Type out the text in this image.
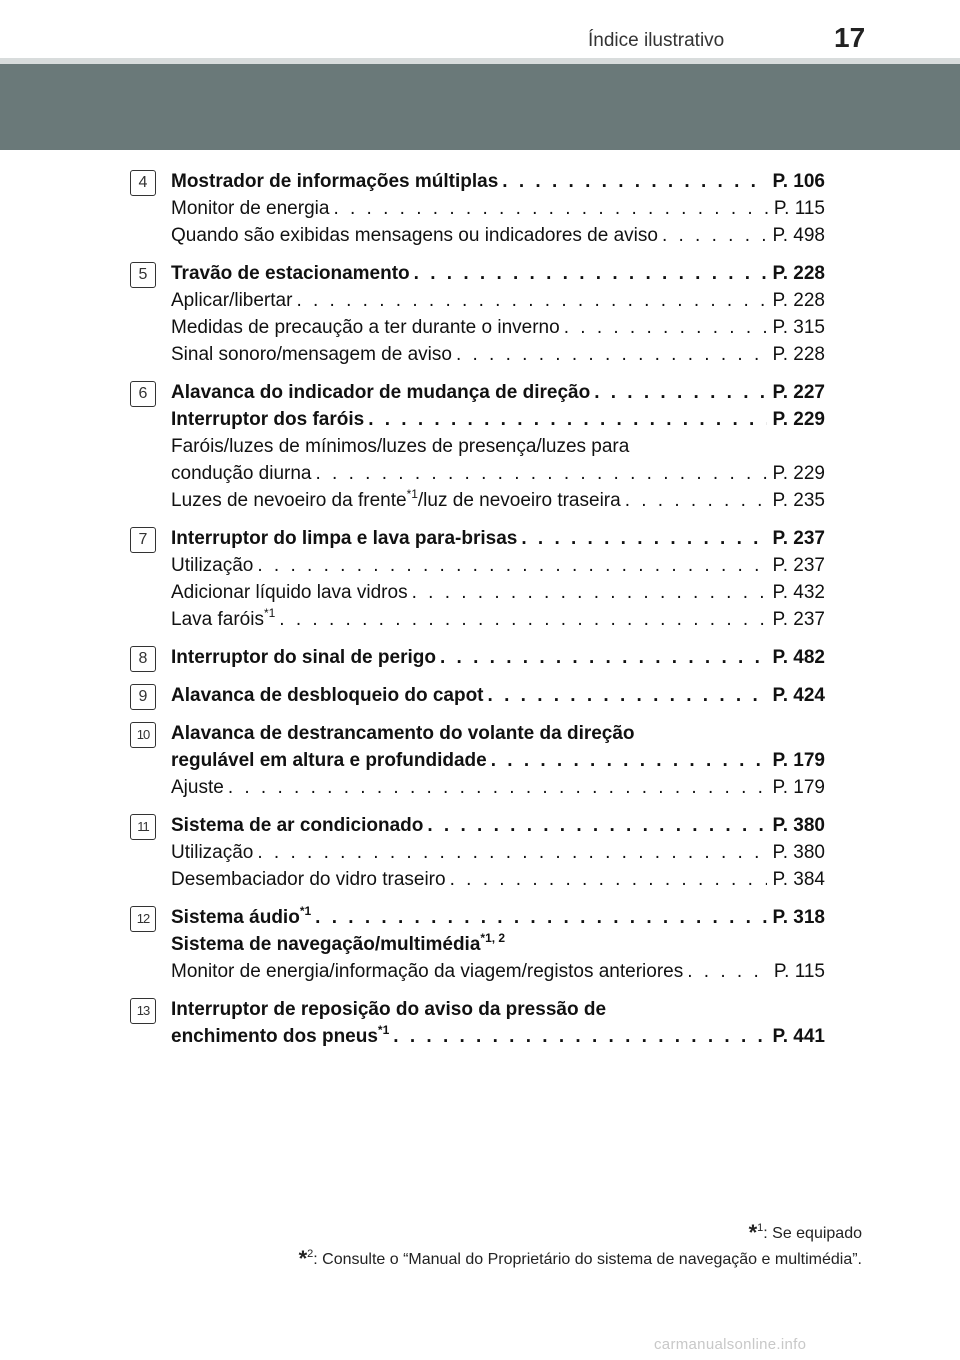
Índice ilustrativo	17
4	Mostrador de informações múltiplas . . .	P. 106
Monitor de energia . . .	P. 115
Quando são exibidas mensagens ou indicadores de aviso . . .	P. 498
5	Travão de estacionamento . . .	P. 228
Aplicar/libertar . . .	P. 228
Medidas de precaução a ter durante o inverno . . .	P. 315
Sinal sonoro/mensagem de aviso . . .	P. 228
6	Alavanca do indicador de mudança de direção . . .	P. 227
Interruptor dos faróis . . .	P. 229
Faróis/luzes de mínimos/luzes de presença/luzes para
condução diurna . . .	P. 229
Luzes de nevoeiro da frente$^{*1}$/luz de nevoeiro traseira . . .	P. 235
7	Interruptor do limpa e lava para-brisas . . .	P. 237
Utilização . . .	P. 237
Adicionar líquido lava vidros . . .	P. 432
Lava faróis$^{*1}$ . . .	P. 237
8	Interruptor do sinal de perigo . . .	P. 482
9	Alavanca de desbloqueio do capot . . .	P. 424
10	Alavanca de destrancamento do volante da direção
regulável em altura e profundidade . . .	P. 179
Ajuste . . .	P. 179
11	Sistema de ar condicionado . . .	P. 380
Utilização . . .	P. 380
Desembaciador do vidro traseiro . . .	P. 384
12	Sistema áudio$^{*1}$ . . .	P. 318
Sistema de navegação/multimédia$^{*1, 2}$
Monitor de energia/informação da viagem/registos anteriores . . .	P. 115
13	Interruptor de reposição do aviso da pressão de
enchimento dos pneus$^{*1}$ . . .	P. 441
*$^1$: Se equipado
*$^2$: Consulte o “Manual do Proprietário do sistema de navegação e multimédia”.
carmanualsonline.info
